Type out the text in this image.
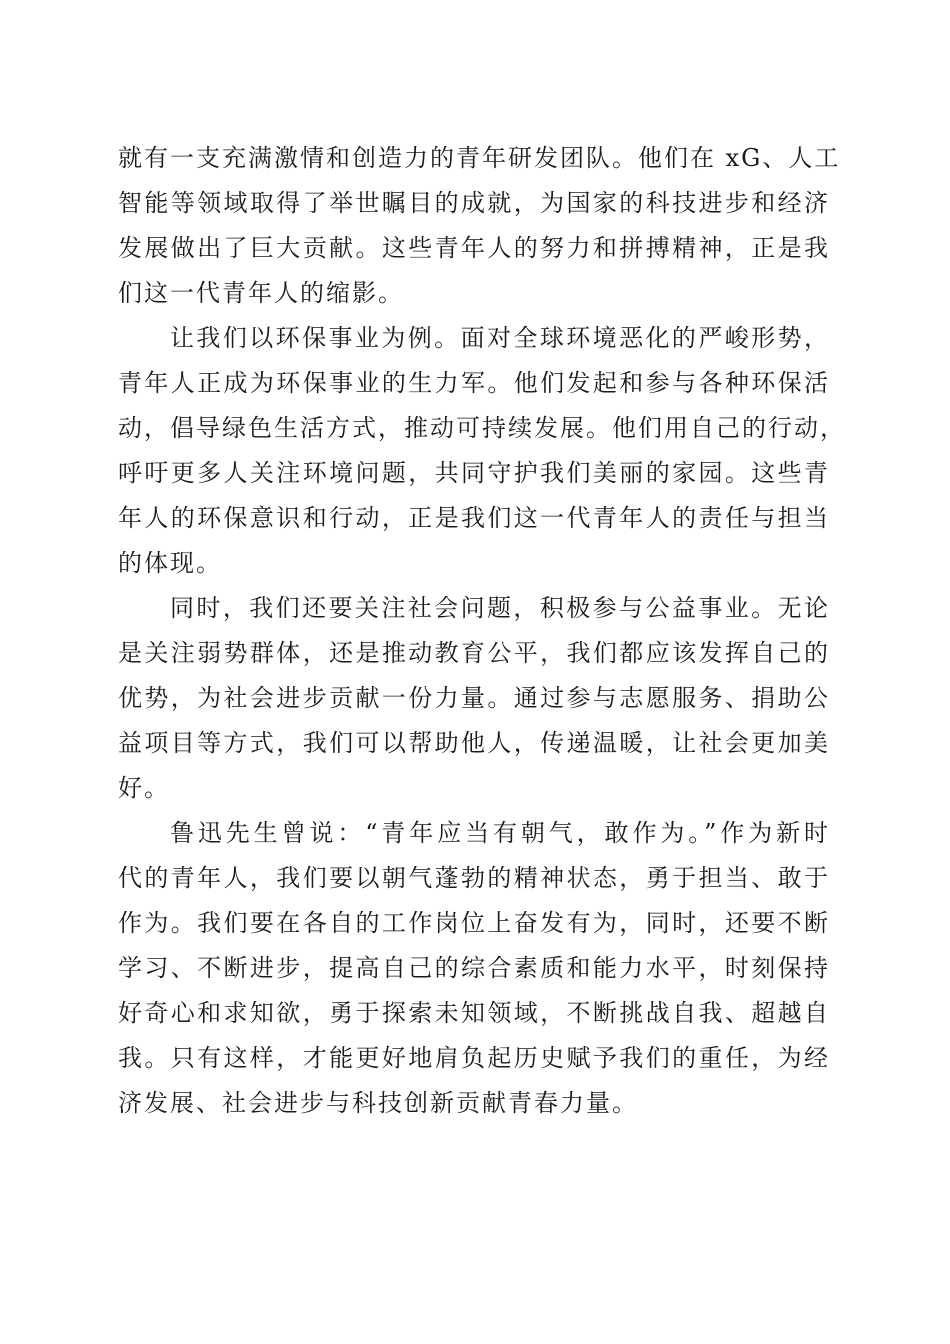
就有一支充满激情和创造力的青年研发团队。他们在 xG、人工
智能等领域取得了举世瞩目的成就，为国家的科技进步和经济
发展做出了巨大贡献。这些青年人的努力和拼搏精神，正是我
们这一代青年人的缩影。
让我们以环保事业为例。面对全球环境恶化的严峻形势，
青年人正成为环保事业的生力军。他们发起和参与各种环保活
动，倡导绿色生活方式，推动可持续发展。他们用自己的行动，
呼吁更多人关注环境问题，共同守护我们美丽的家园。这些青
年人的环保意识和行动，正是我们这一代青年人的责任与担当
的体现。
同时，我们还要关注社会问题，积极参与公益事业。无论
是关注弱势群体，还是推动教育公平，我们都应该发挥自己的
优势，为社会进步贡献一份力量。通过参与志愿服务、捐助公
益项目等方式，我们可以帮助他人，传递温暖，让社会更加美
好。
鲁迅先生曾说：“青年应当有朝气，敢作为。”作为新时
代的青年人，我们要以朝气蓬勃的精神状态，勇于担当、敢于
作为。我们要在各自的工作岗位上奋发有为，同时，还要不断
学习、不断进步，提高自己的综合素质和能力水平，时刻保持
好奇心和求知欲，勇于探索未知领域，不断挑战自我、超越自
我。只有这样，才能更好地肩负起历史赋予我们的重任，为经
济发展、社会进步与科技创新贡献青春力量。
